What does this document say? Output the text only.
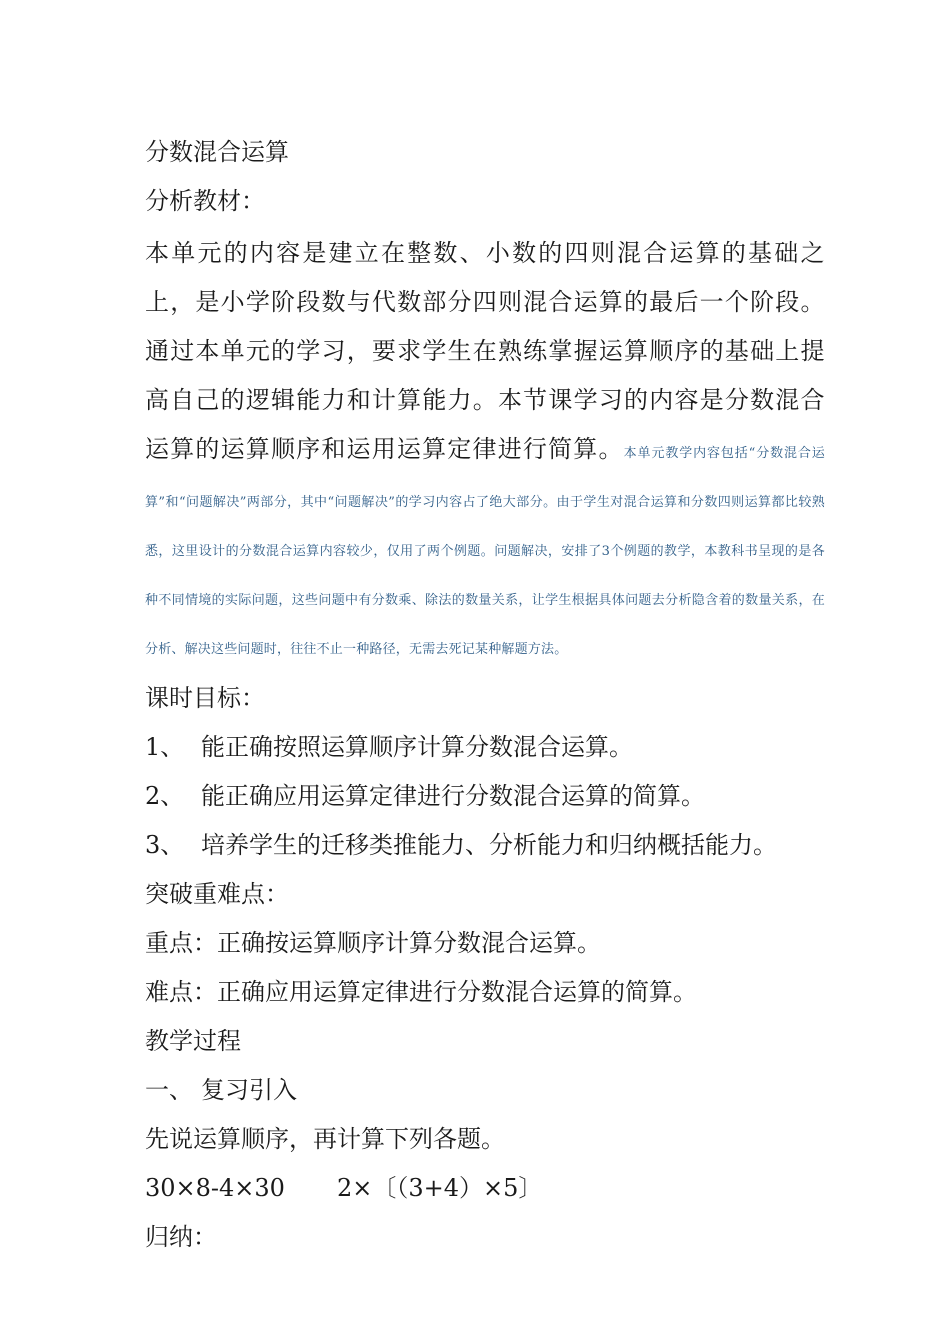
分数混合运算
分析教材：
本单元的内容是建立在整数、小数的四则混合运算的基础之上，是小学阶段数与代数部分四则混合运算的最后一个阶段。通过本单元的学习，要求学生在熟练掌握运算顺序的基础上提高自己的逻辑能力和计算能力。本节课学习的内容是分数混合运算的运算顺序和运用运算定律进行简算。本单元教学内容包括“分数混合运算”和“问题解决”两部分，其中“问题解决”的学习内容占了绝大部分。由于学生对混合运算和分数四则运算都比较熟悉，这里设计的分数混合运算内容较少，仅用了两个例题。问题解决，安排了3个例题的教学，本教科书呈现的是各种不同情境的实际问题，这些问题中有分数乘、除法的数量关系，让学生根据具体问题去分析隐含着的数量关系，在分析、解决这些问题时，往往不止一种路径，无需去死记某种解题方法。
课时目标：
1、 能正确按照运算顺序计算分数混合运算。
2、 能正确应用运算定律进行分数混合运算的简算。
3、 培养学生的迁移类推能力、分析能力和归纳概括能力。
突破重难点：
重点：正确按运算顺序计算分数混合运算。
难点：正确应用运算定律进行分数混合运算的简算。
教学过程
一、 复习引入
先说运算顺序，再计算下列各题。
30×8-4×30 2×〔（3+4）×5〕
归纳：
